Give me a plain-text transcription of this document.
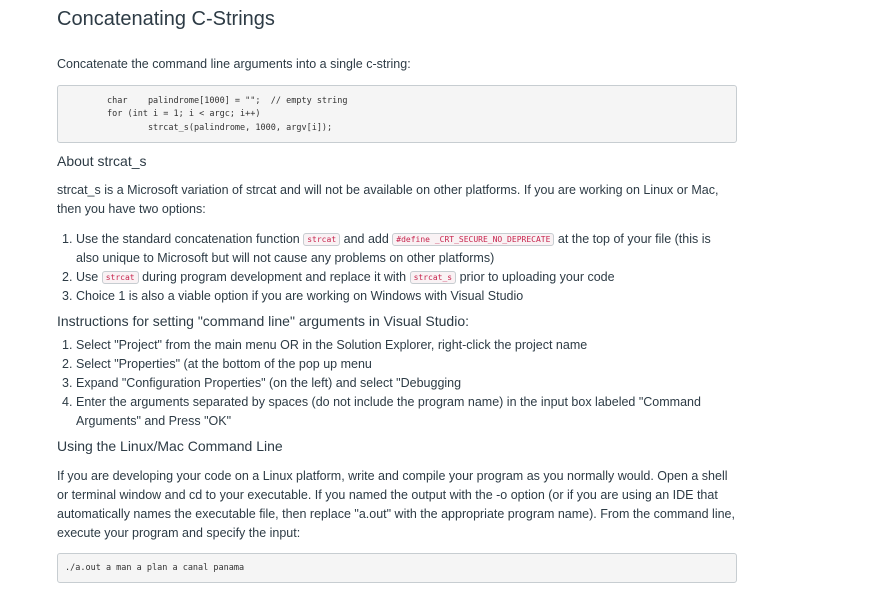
Concatenating C-Strings

Concatenate the command line arguments into a single c-string:

char    palindrome[1000] = "";  // empty string
for (int i = 1; i < argc; i++)
strcat_s(palindrome, 1000, argv[i]);
About strcat_s

strcat_s is a Microsoft variation of strcat and will not be available on other platforms. If you are working on Linux or Mac, then you have two options:

1. Use the standard concatenation function strcat and add #define _CRT_SECURE_NO_DEPRECATE at the top of your file (this is also unique to Microsoft but will not cause any problems on other platforms)
2. Use strcat during program development and replace it with strcat_s prior to uploading your code
3. Choice 1 is also a viable option if you are working on Windows with Visual Studio
Instructions for setting "command line" arguments in Visual Studio:
1. Select "Project" from the main menu OR in the Solution Explorer, right-click the project name
2. Select "Properties" (at the bottom of the pop up menu
3. Expand "Configuration Properties" (on the left) and select "Debugging
4. Enter the arguments separated by spaces (do not include the program name) in the input box labeled "Command Arguments" and Press "OK"
Using the Linux/Mac Command Line

If you are developing your code on a Linux platform, write and compile your program as you normally would. Open a shell or terminal window and cd to your executable. If you named the output with the -o option (or if you are using an IDE that automatically names the executable file, then replace "a.out" with the appropriate program name). From the command line, execute your program and specify the input:

./a.out a man a plan a canal panama
